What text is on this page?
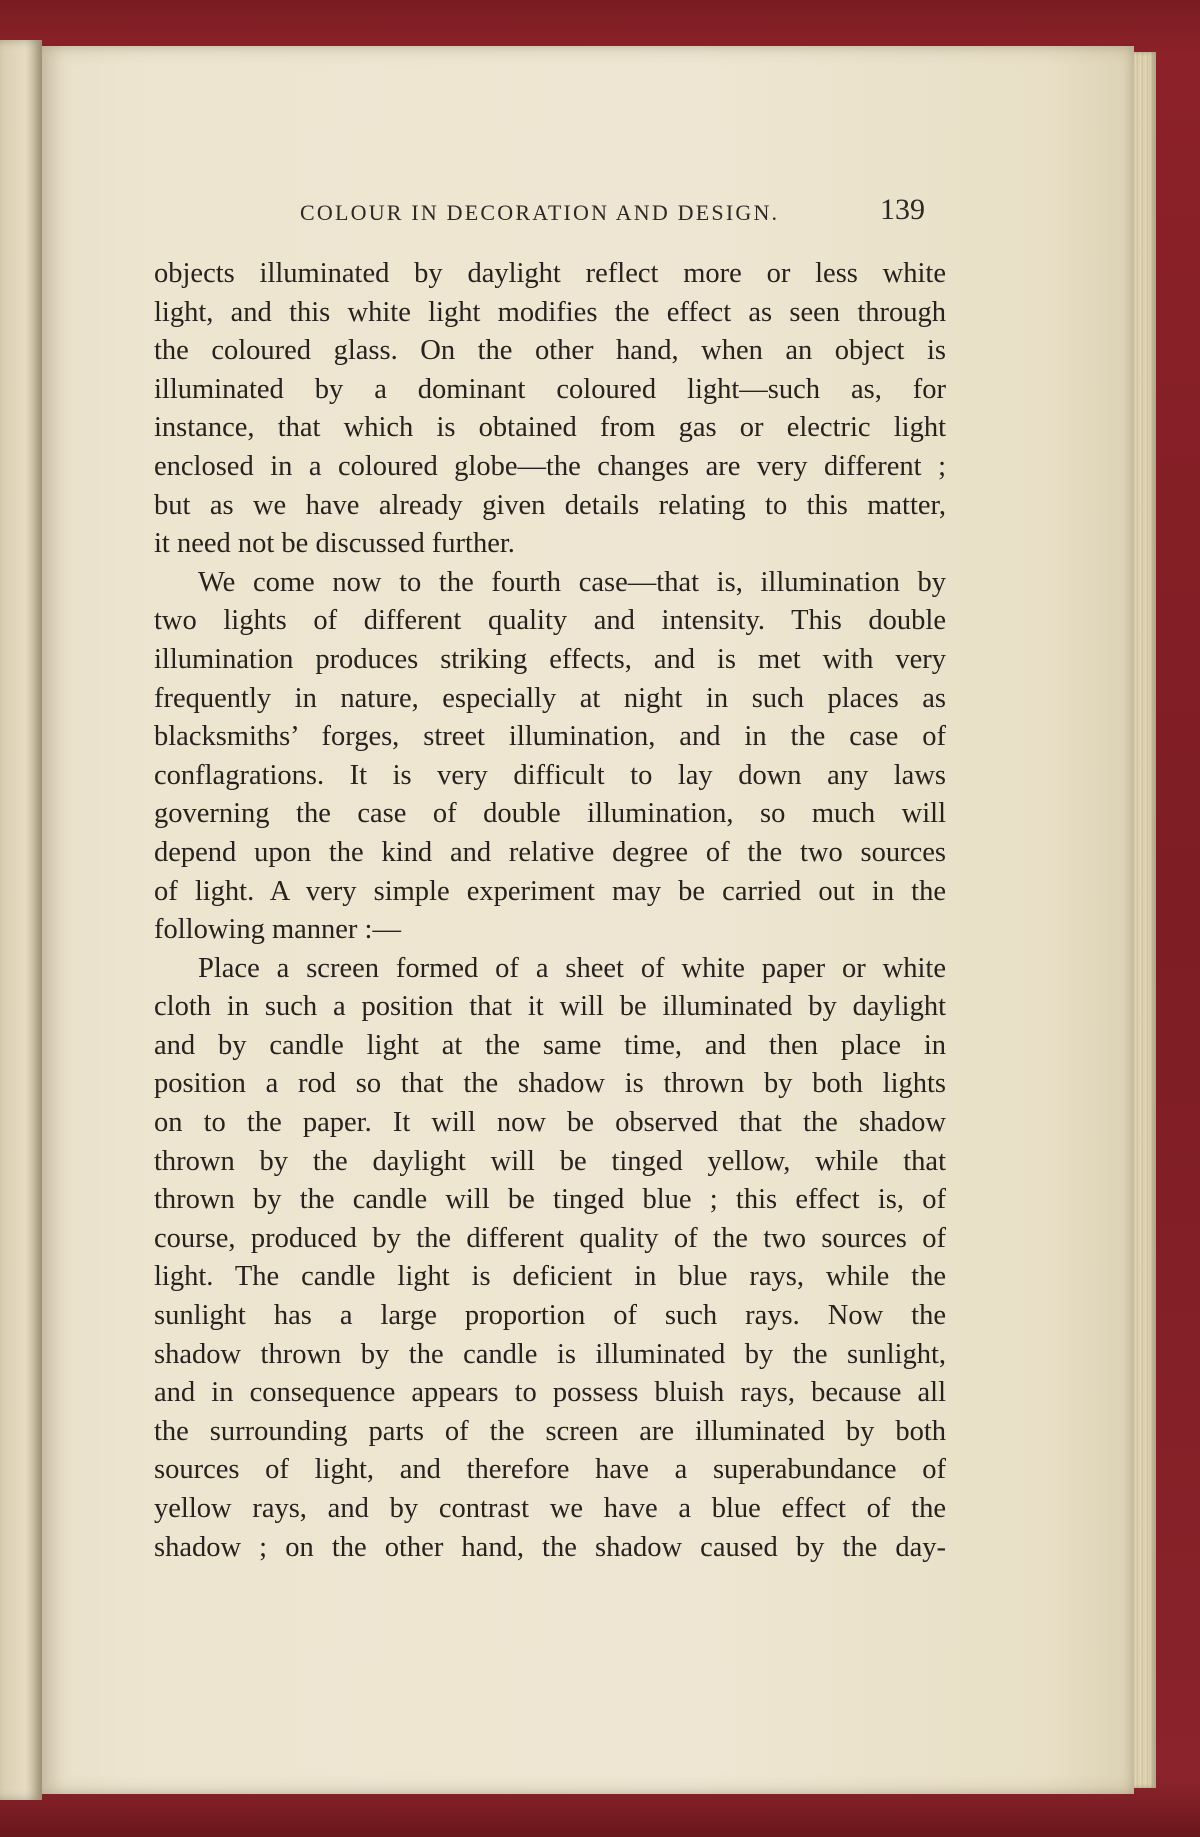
COLOUR IN DECORATION AND DESIGN.	139
objects illuminated by daylight reflect more or less white
light, and this white light modifies the effect as seen through
the coloured glass. On the other hand, when an object is
illuminated by a dominant coloured light—such as, for
instance, that which is obtained from gas or electric light
enclosed in a coloured globe—the changes are very different ;
but as we have already given details relating to this matter,
it need not be discussed further.
We come now to the fourth case—that is, illumination by
two lights of different quality and intensity. This double
illumination produces striking effects, and is met with very
frequently in nature, especially at night in such places as
blacksmiths’ forges, street illumination, and in the case of
conflagrations. It is very difficult to lay down any laws
governing the case of double illumination, so much will
depend upon the kind and relative degree of the two sources
of light. A very simple experiment may be carried out in the
following manner :—
Place a screen formed of a sheet of white paper or white
cloth in such a position that it will be illuminated by daylight
and by candle light at the same time, and then place in
position a rod so that the shadow is thrown by both lights
on to the paper. It will now be observed that the shadow
thrown by the daylight will be tinged yellow, while that
thrown by the candle will be tinged blue ; this effect is, of
course, produced by the different quality of the two sources of
light. The candle light is deficient in blue rays, while the
sunlight has a large proportion of such rays. Now the
shadow thrown by the candle is illuminated by the sunlight,
and in consequence appears to possess bluish rays, because all
the surrounding parts of the screen are illuminated by both
sources of light, and therefore have a superabundance of
yellow rays, and by contrast we have a blue effect of the
shadow ; on the other hand, the shadow caused by the day-
